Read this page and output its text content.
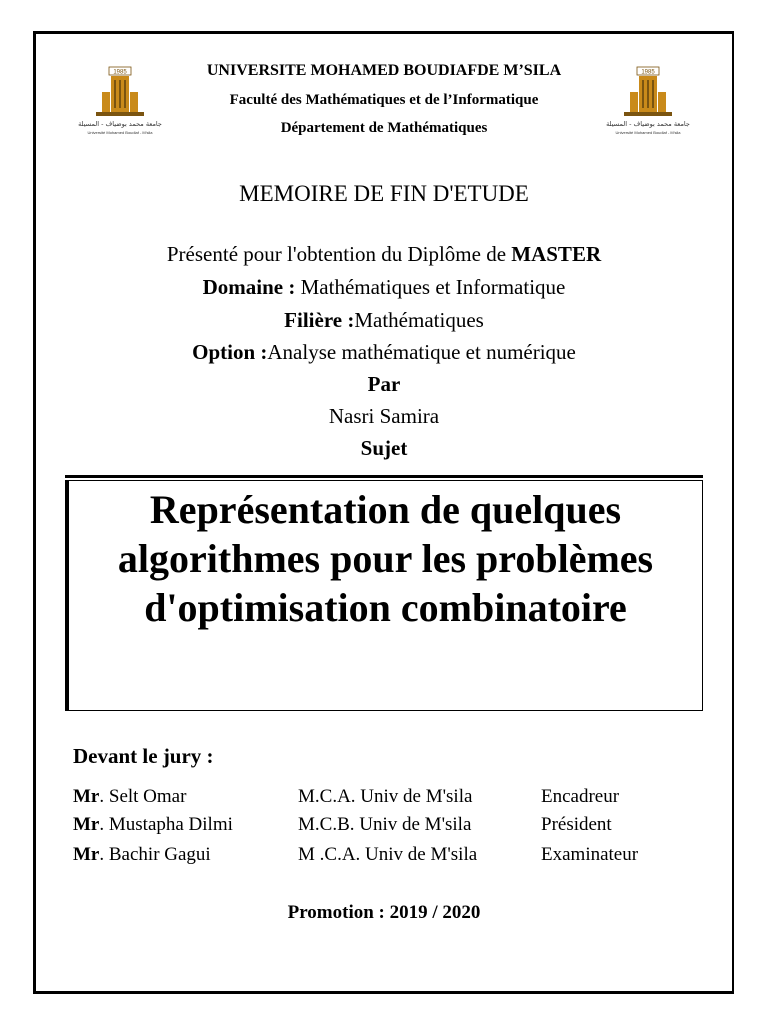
1985
جامعة محمد بوضياف - المسيلة
Université Mohamed Boudiaf - M'sila
1985
جامعة محمد بوضياف - المسيلة
Université Mohamed Boudiaf - M'sila
UNIVERSITE MOHAMED BOUDIAFDE M’SILA
Faculté des Mathématiques et de l’Informatique
Département de Mathématiques
MEMOIRE DE FIN D'ETUDE
Présenté pour l'obtention du Diplôme de MASTER
Domaine : Mathématiques et Informatique
Filière :Mathématiques
Option :Analyse mathématique et numérique
Par
Nasri Samira
Sujet
Représentation de quelques algorithmes pour les problèmes d'optimisation combinatoire
Devant le jury :
Mr. Selt Omar	M.C.A. Univ de M'sila	Encadreur
Mr. Mustapha Dilmi	M.C.B. Univ de M'sila	Président
Mr. Bachir Gagui	M .C.A. Univ de M'sila	Examinateur
Promotion : 2019 / 2020
